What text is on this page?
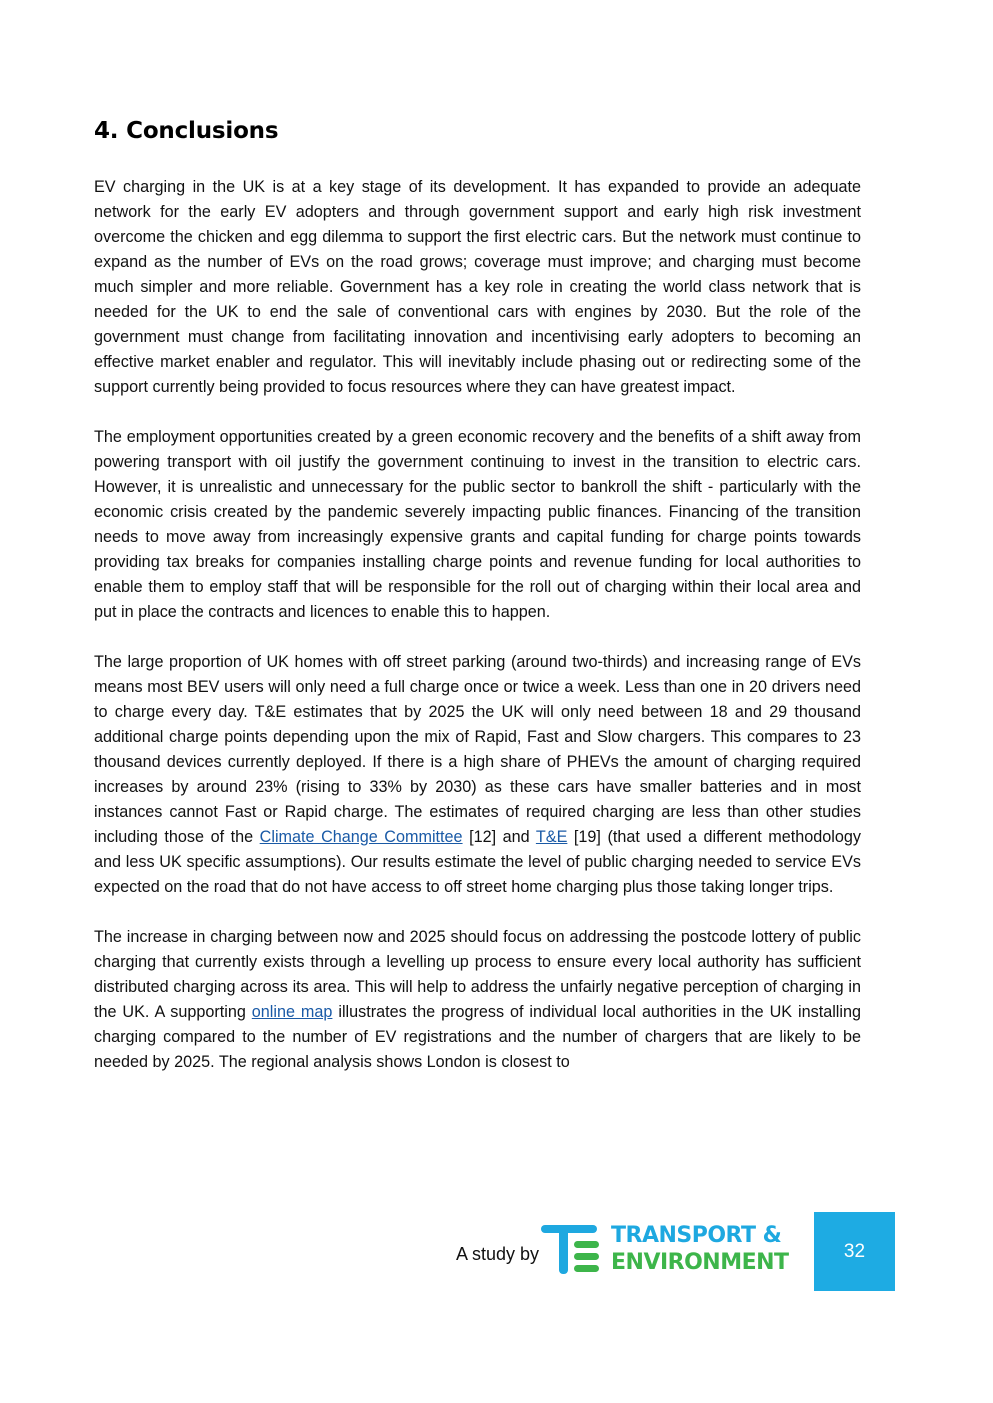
4. Conclusions

EV charging in the UK is at a key stage of its development. It has expanded to provide an adequate network for the early EV adopters and through government support and early high risk investment overcome the chicken and egg dilemma to support the first electric cars. But the network must continue to expand as the number of EVs on the road grows; coverage must improve; and charging must become much simpler and more reliable. Government has a key role in creating the world class network that is needed for the UK to end the sale of conventional cars with engines by 2030. But the role of the government must change from facilitating innovation and incentivising early adopters to becoming an effective market enabler and regulator. This will inevitably include phasing out or redirecting some of the support currently being provided to focus resources where they can have greatest impact.

The employment opportunities created by a green economic recovery and the benefits of a shift away from powering transport with oil justify the government continuing to invest in the transition to electric cars. However, it is unrealistic and unnecessary for the public sector to bankroll the shift - particularly with the economic crisis created by the pandemic severely impacting public finances. Financing of the transition needs to move away from increasingly expensive grants and capital funding for charge points towards providing tax breaks for companies installing charge points and revenue funding for local authorities to enable them to employ staff that will be responsible for the roll out of charging within their local area and put in place the contracts and licences to enable this to happen.

The large proportion of UK homes with off street parking (around two-thirds) and increasing range of EVs means most BEV users will only need a full charge once or twice a week. Less than one in 20 drivers need to charge every day. T&E estimates that by 2025 the UK will only need between 18 and 29 thousand additional charge points depending upon the mix of Rapid, Fast and Slow chargers. This compares to 23 thousand devices currently deployed. If there is a high share of PHEVs the amount of charging required increases by around 23% (rising to 33% by 2030) as these cars have smaller batteries and in most instances cannot Fast or Rapid charge. The estimates of required charging are less than other studies including those of the Climate Change Committee [12] and T&E [19] (that used a different methodology and less UK specific assumptions). Our results estimate the level of public charging needed to service EVs expected on the road that do not have access to off street home charging plus those taking longer trips.

The increase in charging between now and 2025 should focus on addressing the postcode lottery of public charging that currently exists through a levelling up process to ensure every local authority has sufficient distributed charging across its area. This will help to address the unfairly negative perception of charging in the UK. A supporting online map illustrates the progress of individual local authorities in the UK installing charging compared to the number of EV registrations and the number of chargers that are likely to be needed by 2025. The regional analysis shows London is closest to

A study by
TRANSPORT &
ENVIRONMENT	32
